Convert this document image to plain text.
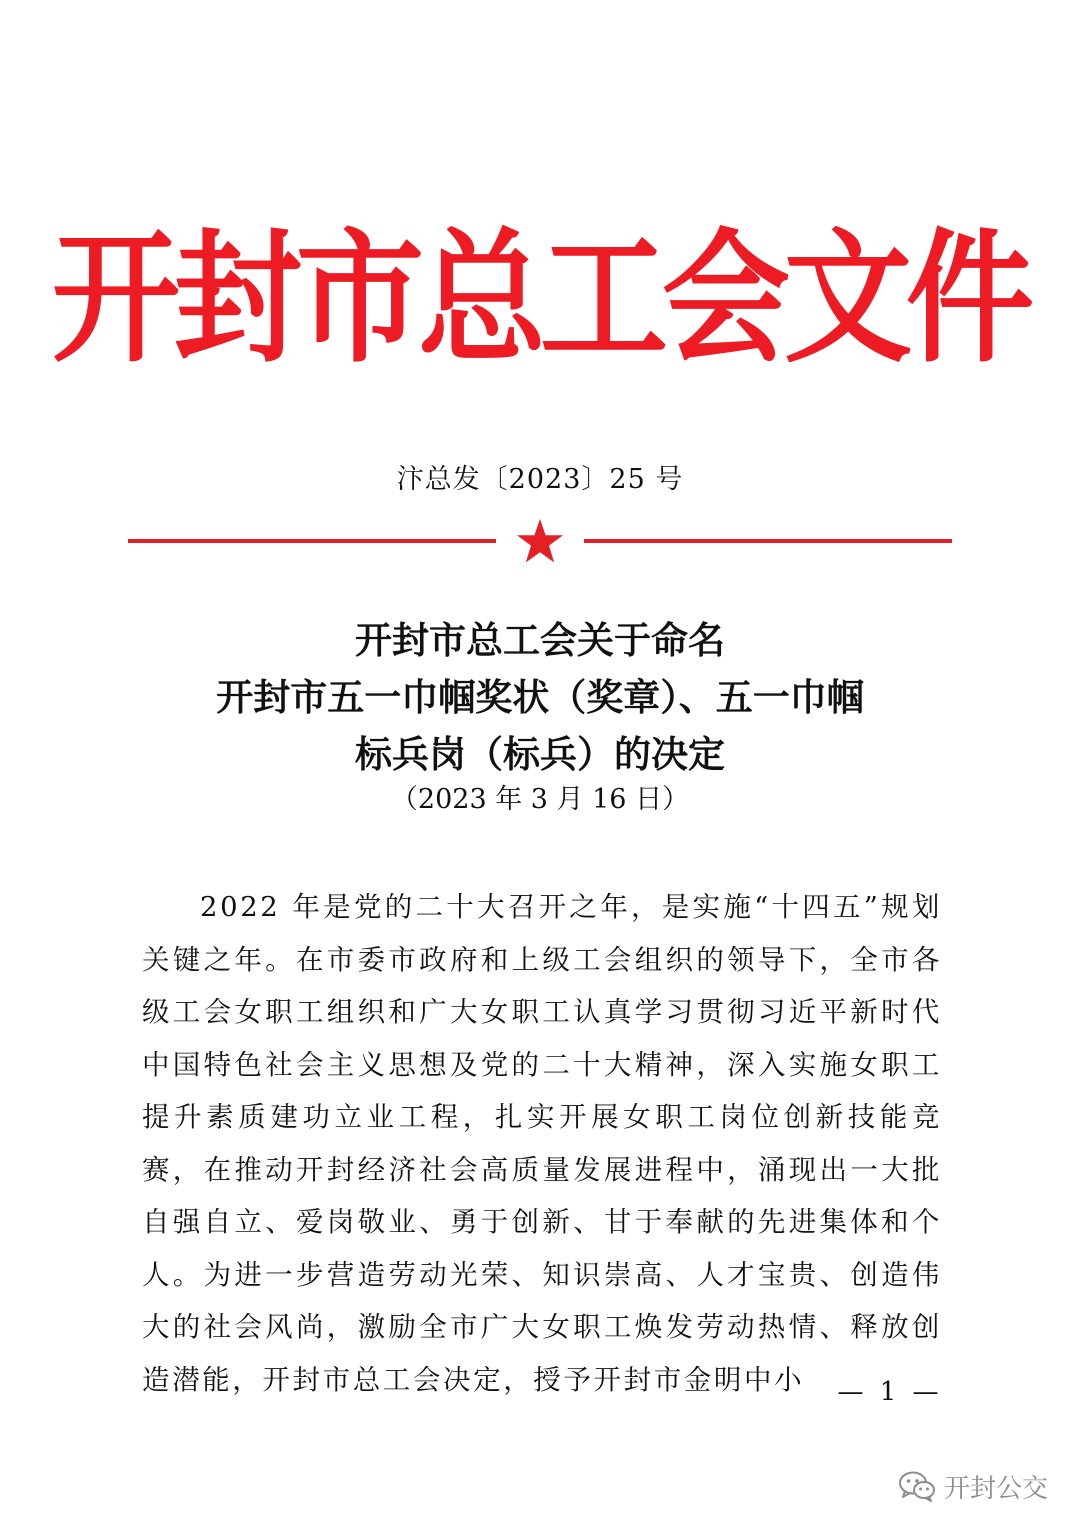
开封市总工会文件
汴总发〔2023〕25 号
开封市总工会关于命名
开封市五一巾帼奖状（奖章）、五一巾帼
标兵岗（标兵）的决定
（2023 年 3 月 16 日）

2022 年是党的二十大召开之年，是实施“十四五”规划关键之年。在市委市政府和上级工会组织的领导下，全市各级工会女职工组织和广大女职工认真学习贯彻习近平新时代中国特色社会主义思想及党的二十大精神，深入实施女职工提升素质建功立业工程，扎实开展女职工岗位创新技能竞赛，在推动开封经济社会高质量发展进程中，涌现出一大批自强自立、爱岗敬业、勇于创新、甘于奉献的先进集体和个人。为进一步营造劳动光荣、知识崇高、人才宝贵、创造伟大的社会风尚，激励全市广大女职工焕发劳动热情、释放创造潜能，开封市总工会决定，授予开封市金明中小	— 1 —
开封公交
